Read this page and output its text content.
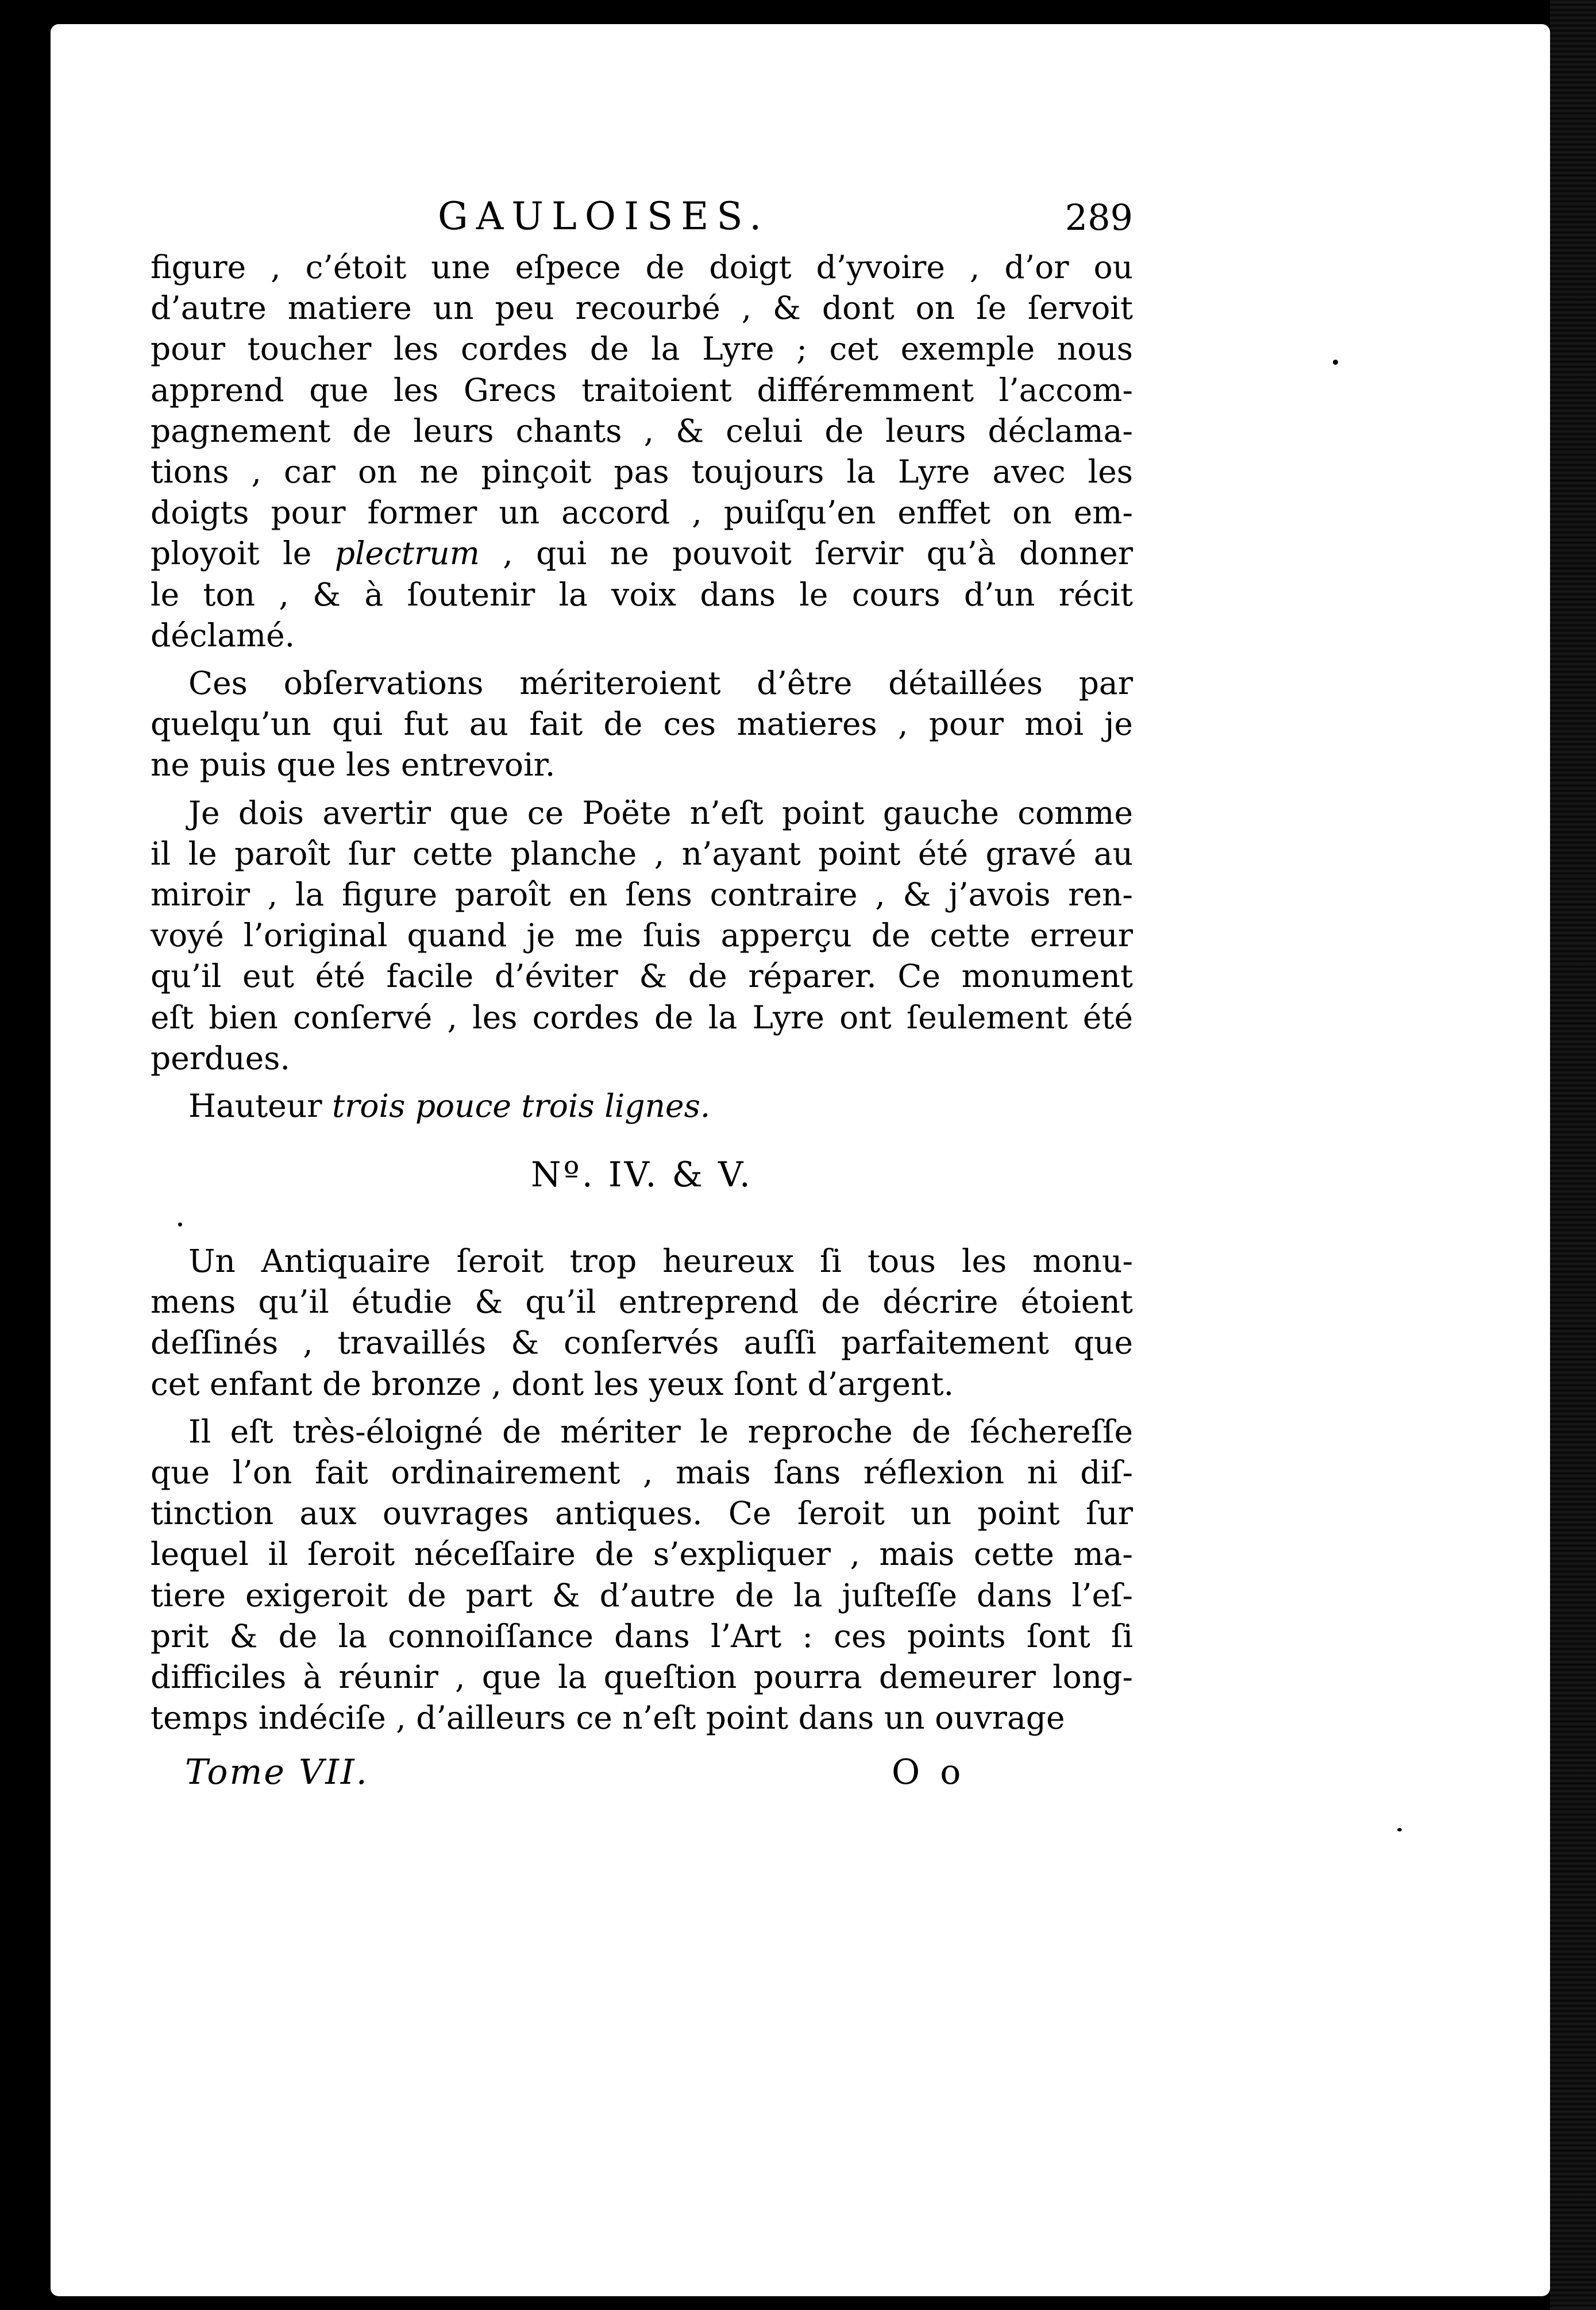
GAULOISES.	289
figure , c’étoit une eſpece de doigt d’yvoire , d’or ou
d’autre matiere un peu recourbé , & dont on ſe ſervoit
pour toucher les cordes de la Lyre ; cet exemple nous
apprend que les Grecs traitoient différemment l’accom-
pagnement de leurs chants , & celui de leurs déclama-
tions , car on ne pinçoit pas toujours la Lyre avec les
doigts pour former un accord , puiſqu’en enffet on em-
ployoit le plectrum , qui ne pouvoit ſervir qu’à donner
le ton , & à ſoutenir la voix dans le cours d’un récit
déclamé.
Ces obſervations mériteroient d’être détaillées par
quelqu’un qui fut au fait de ces matieres , pour moi je
ne puis que les entrevoir.
Je dois avertir que ce Poëte n’eſt point gauche comme
il le paroît ſur cette planche , n’ayant point été gravé au
miroir , la figure paroît en ſens contraire , & j’avois ren-
voyé l’original quand je me ſuis apperçu de cette erreur
qu’il eut été facile d’éviter & de réparer. Ce monument
eſt bien conſervé , les cordes de la Lyre ont ſeulement été
perdues.
Hauteur trois pouce trois lignes.
Nº. IV. & V.
Un Antiquaire ſeroit trop heureux ſi tous les monu-
mens qu’il étudie & qu’il entreprend de décrire étoient
deſſinés , travaillés & conſervés auſſi parfaitement que
cet enfant de bronze , dont les yeux ſont d’argent.
Il eſt très-éloigné de mériter le reproche de ſéchereſſe
que l’on fait ordinairement , mais ſans réflexion ni diſ-
tinction aux ouvrages antiques. Ce ſeroit un point ſur
lequel il ſeroit néceſſaire de s’expliquer , mais cette ma-
tiere exigeroit de part & d’autre de la juſteſſe dans l’eſ-
prit & de la connoiſſance dans l’Art : ces points ſont ſi
difficiles à réunir , que la queſtion pourra demeurer long-
temps indéciſe , d’ailleurs ce n’eſt point dans un ouvrage
Tome VII.	O o
